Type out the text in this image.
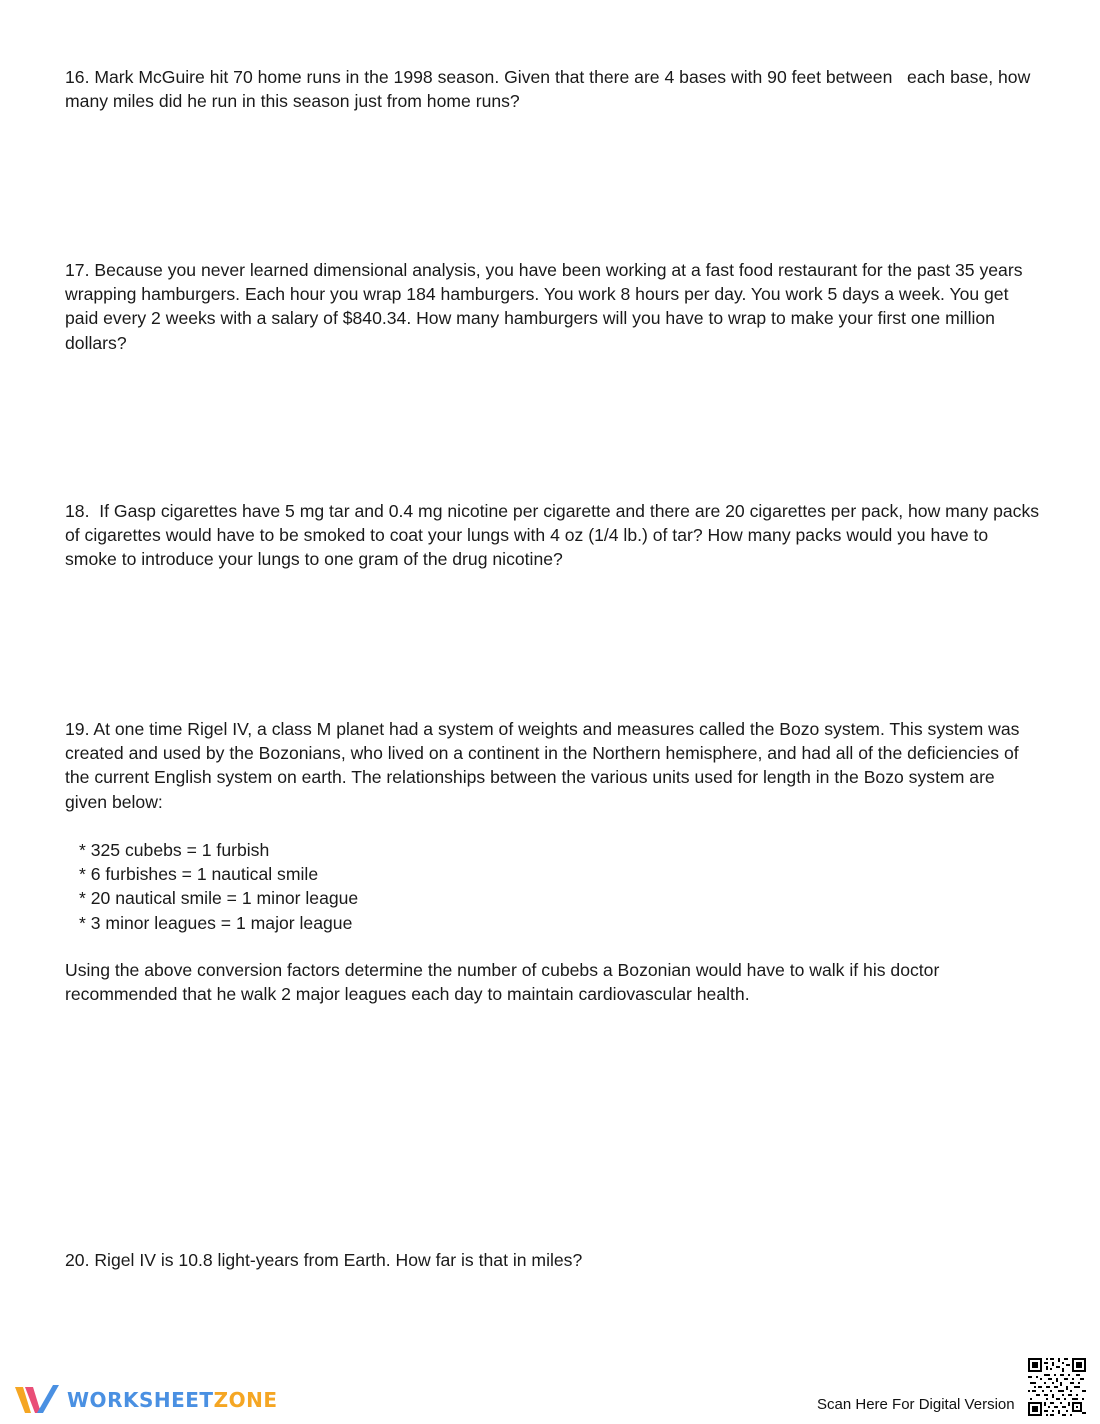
16. Mark McGuire hit 70 home runs in the 1998 season. Given that there are 4 bases with 90 feet between   each base, how many miles did he run in this season just from home runs?

17. Because you never learned dimensional analysis, you have been working at a fast food restaurant for the past 35 years wrapping hamburgers. Each hour you wrap 184 hamburgers. You work 8 hours per day. You work 5 days a week. You get paid every 2 weeks with a salary of $840.34. How many hamburgers will you have to wrap to make your first one million dollars?

18.  If Gasp cigarettes have 5 mg tar and 0.4 mg nicotine per cigarette and there are 20 cigarettes per pack, how many packs of cigarettes would have to be smoked to coat your lungs with 4 oz (1/4 lb.) of tar? How many packs would you have to smoke to introduce your lungs to one gram of the drug nicotine?

19. At one time Rigel IV, a class M planet had a system of weights and measures called the Bozo system. This system was created and used by the Bozonians, who lived on a continent in the Northern hemisphere, and had all of the deficiencies of the current English system on earth. The relationships between the various units used for length in the Bozo system are given below:

* 325 cubebs = 1 furbish
* 6 furbishes = 1 nautical smile
* 20 nautical smile = 1 minor league
* 3 minor leagues = 1 major league

Using the above conversion factors determine the number of cubebs a Bozonian would have to walk if his doctor recommended that he walk 2 major leagues each day to maintain cardiovascular health.

20. Rigel IV is 10.8 light-years from Earth. How far is that in miles?

WORKSHEETZONE	Scan Here For Digital Version
